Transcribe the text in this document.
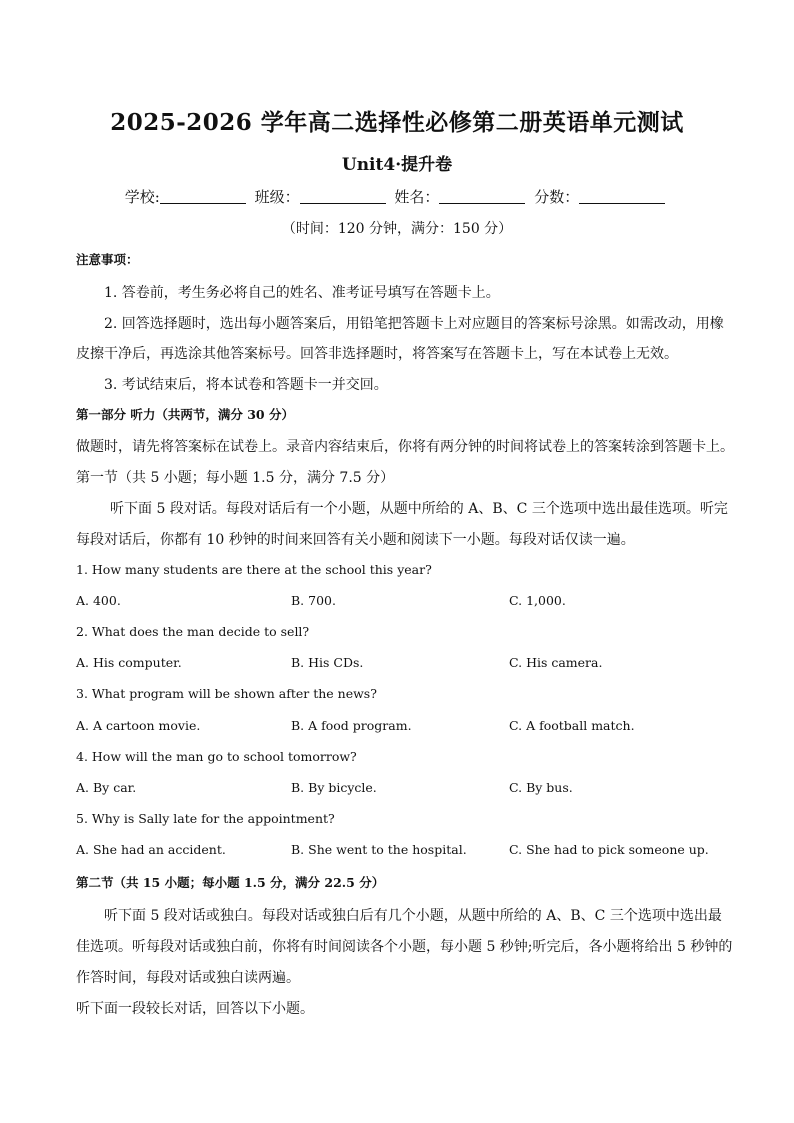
2025-2026 学年高二选择性必修第二册英语单元测试
Unit4·提升卷
学校:	班级：	姓名：	分数：
（时间：120 分钟，满分：150 分）
注意事项：
1. 答卷前，考生务必将自己的姓名、准考证号填写在答题卡上。
2. 回答选择题时，选出每小题答案后，用铅笔把答题卡上对应题目的答案标号涂黑。如需改动，用橡
皮擦干净后，再选涂其他答案标号。回答非选择题时，将答案写在答题卡上，写在本试卷上无效。
3. 考试结束后，将本试卷和答题卡一并交回。
第一部分 听力（共两节，满分 30 分）
做题时，请先将答案标在试卷上。录音内容结束后，你将有两分钟的时间将试卷上的答案转涂到答题卡上。
第一节（共 5 小题；每小题 1.5 分，满分 7.5 分）
听下面 5 段对话。每段对话后有一个小题，从题中所给的 A、B、C 三个选项中选出最佳选项。听完
每段对话后，你都有 10 秒钟的时间来回答有关小题和阅读下一小题。每段对话仅读一遍。
1. How many students are there at the school this year?
A. 400.	B. 700.	C. 1,000.
2. What does the man decide to sell?
A. His computer.	B. His CDs.	C. His camera.
3. What program will be shown after the news?
A. A cartoon movie.	B. A food program.	C. A football match.
4. How will the man go to school tomorrow?
A. By car.	B. By bicycle.	C. By bus.
5. Why is Sally late for the appointment?
A. She had an accident.	B. She went to the hospital.	C. She had to pick someone up.
第二节（共 15 小题；每小题 1.5 分，满分 22.5 分）
听下面 5 段对话或独白。每段对话或独白后有几个小题，从题中所给的 A、B、C 三个选项中选出最
佳选项。听每段对话或独白前，你将有时间阅读各个小题，每小题 5 秒钟;听完后，各小题将给出 5 秒钟的
作答时间，每段对话或独白读两遍。
听下面一段较长对话，回答以下小题。
